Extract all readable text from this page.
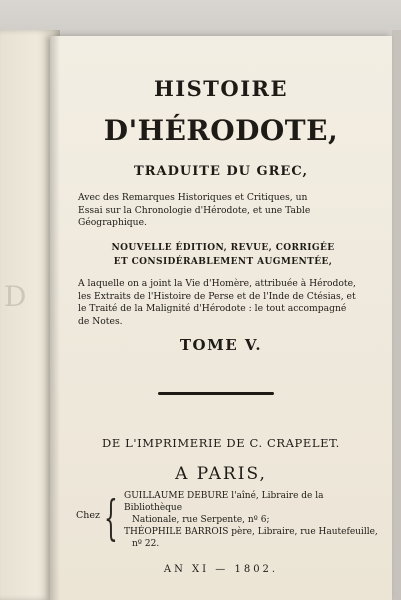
D
HISTOIRE
D'HÉRODOTE,
TRADUITE DU GREC,
Avec des Remarques Historiques et Critiques, un
Essai sur la Chronologie d'Hérodote, et une Table
Géographique.
NOUVELLE ÉDITION, REVUE, CORRIGÉE
ET CONSIDÉRABLEMENT AUGMENTÉE,
A laquelle on a joint la Vie d'Homère, attribuée à Hérodote,
les Extraits de l'Histoire de Perse et de l'Inde de Ctésias, et
le Traité de la Malignité d'Hérodote : le tout accompagné
de Notes.
TOME V.
DE L'IMPRIMERIE DE C. CRAPELET.
A PARIS,
Chez { GUILLAUME DEBURE l'aîné, Libraire de la Bibliothèque
Nationale, rue Serpente, nº 6;
THÉOPHILE BARROIS père, Libraire, rue Hautefeuille,
nº 22.
AN XI — 1802.
